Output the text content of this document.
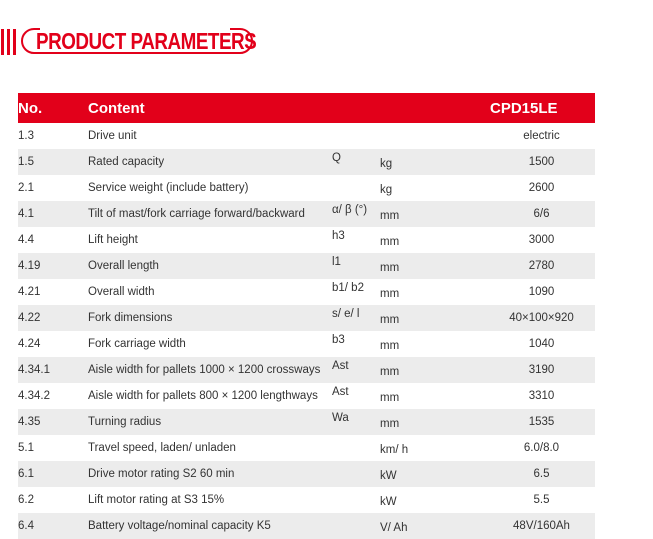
PRODUCT PARAMETERS
No.	Content			CPD15LE
1.3	Drive unit			electric
1.5	Rated capacity	Q	kg	1500
2.1	Service weight (include battery)		kg	2600
4.1	Tilt of mast/fork carriage forward/backward	α/ β (°)	mm	6/6
4.4	Lift height	h3	mm	3000
4.19	Overall length	l1	mm	2780
4.21	Overall width	b1/ b2	mm	1090
4.22	Fork dimensions	s/ e/ l	mm	40×100×920
4.24	Fork carriage width	b3	mm	1040
4.34.1	Aisle width for pallets 1000 × 1200 crossways	Ast	mm	3190
4.34.2	Aisle width for pallets 800 × 1200 lengthways	Ast	mm	3310
4.35	Turning radius	Wa	mm	1535
5.1	Travel speed, laden/ unladen		km/ h	6.0/8.0
6.1	Drive motor rating S2 60 min		kW	6.5
6.2	Lift motor rating at S3 15%		kW	5.5
6.4	Battery voltage/nominal capacity K5		V/ Ah	48V/160Ah
